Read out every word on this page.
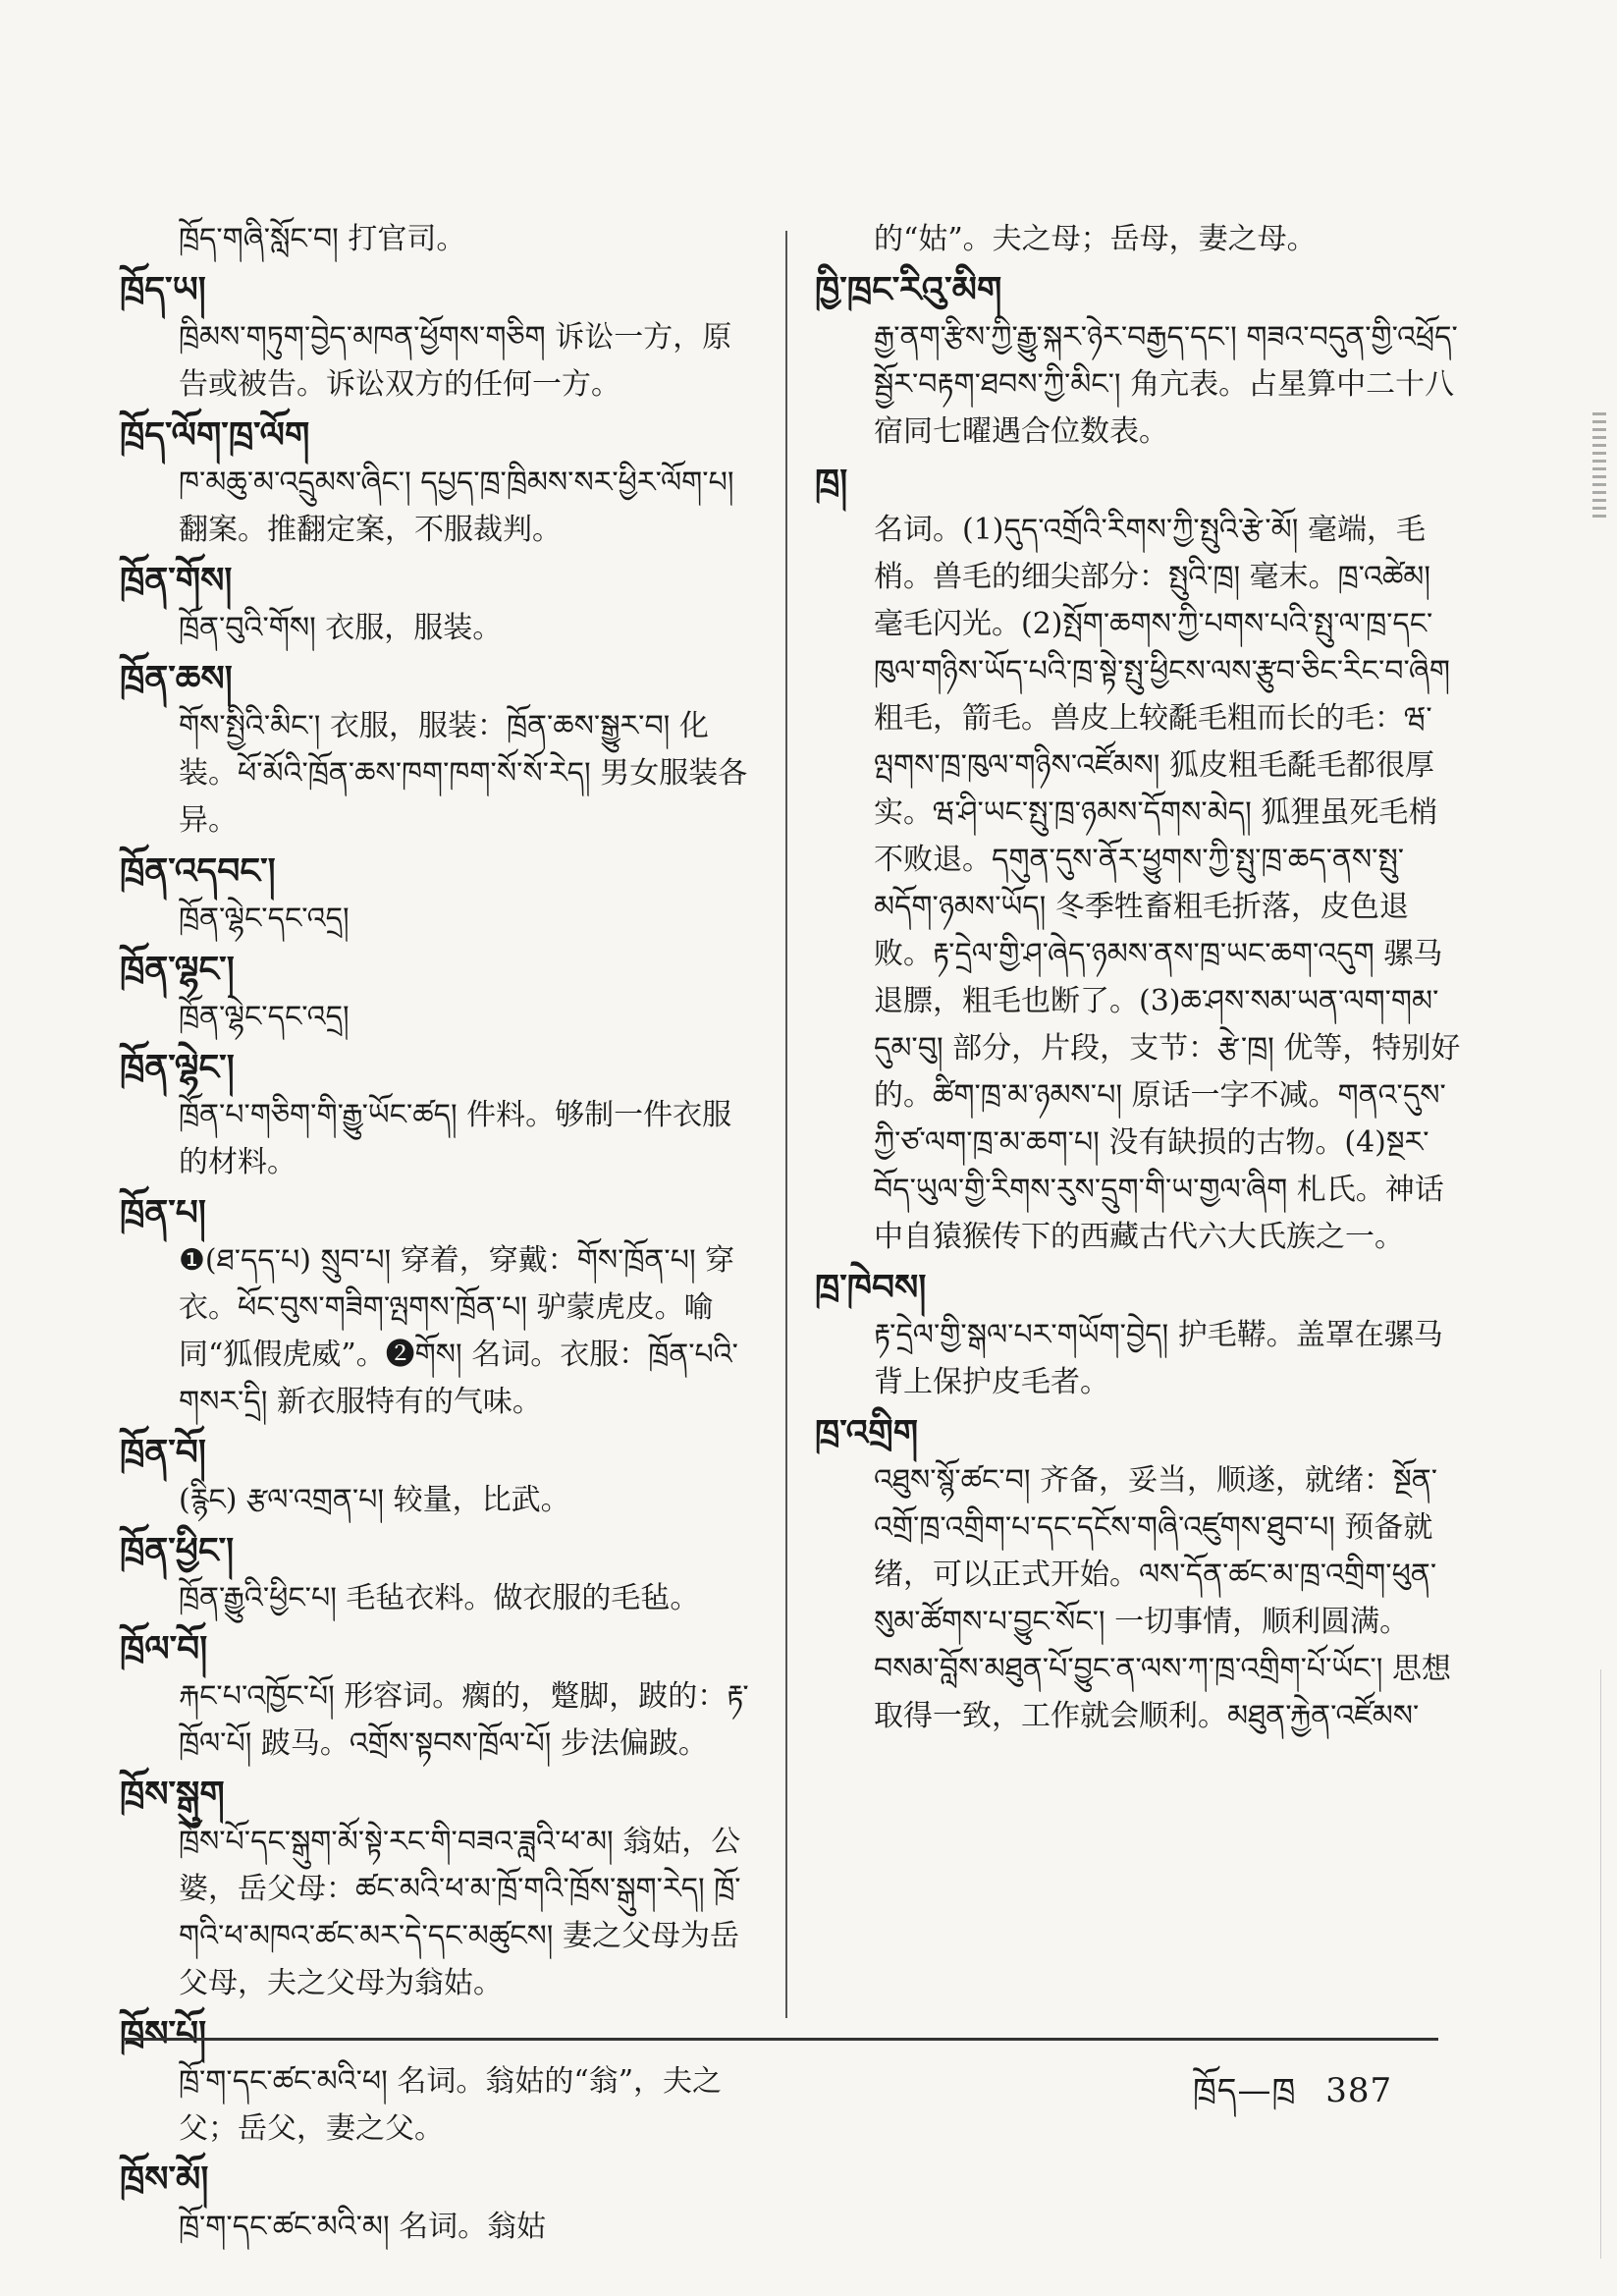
ཁྲོད་གཞི་སློང་བ། 打官司。
ཁྲོད་ཡ།
ཁྲིམས་གཏུག་བྱེད་མཁན་ཕྱོགས་གཅིག 诉讼一方，原告或被告。诉讼双方的任何一方。
ཁྲོད་ལོག་ཁྲ་ལོག
ཁ་མཆུ་མ་འདྲུམས་ཞིང་། དཔྱད་ཁྲ་ཁྲིམས་སར་ཕྱིར་ལོག་པ། 翻案。推翻定案，不服裁判。
ཁྲོན་གོས།
ཁྲོན་བུའི་གོས། 衣服，服装。
ཁྲོན་ཆས།
གོས་སྤྱིའི་མིང་། 衣服，服装：ཁྲོན་ཆས་སྒྱུར་བ། 化装。ཕོ་མོའི་ཁྲོན་ཆས་ཁག་ཁག་སོ་སོ་རེད། 男女服装各异。
ཁྲོན་འདབང་།
ཁྲོན་ལྷེང་དང་འདྲ།
ཁྲོན་ལྷང་།
ཁྲོན་ལྷེང་དང་འདྲ།
ཁྲོན་ལྷེང་།
ཁྲོན་པ་གཅིག་གི་རྒྱུ་ཡོང་ཚད། 件料。够制一件衣服的材料。
ཁྲོན་པ།
❶(ཐ་དད་པ) སྲུབ་པ། 穿着，穿戴：གོས་ཁྲོན་པ། 穿衣。ཕོང་བུས་གཟིག་ལྤགས་ཁྲོན་པ། 驴蒙虎皮。喻同“狐假虎威”。❷གོས། 名词。衣服：ཁྲོན་པའི་གསར་དྲི། 新衣服特有的气味。
ཁྲོན་བོ།
(རྙིང) རྩལ་འགྲན་པ། 较量，比武。
ཁྲོན་ཕྱིང་།
ཁྲོན་རྒྱུའི་ཕྱིང་པ། 毛毡衣料。做衣服的毛毡。
ཁྲོལ་བོ།
རྐང་པ་འཁྱོང་པོ། 形容词。瘸的，蹩脚，跛的：རྟ་ཁྲོལ་པོ། 跛马。འགྲོས་སྟབས་ཁྲོལ་པོ། 步法偏跛。
ཁྲོས་སྒུག
ཁྲོས་པོ་དང་སྒུག་མོ་སྟེ་རང་གི་བཟའ་ཟླའི་ཕ་མ། 翁姑，公婆，岳父母：ཚང་མའི་ཕ་མ་ཁྲོ་གའི་ཁྲོས་སྒུག་རེད། ཁྲོ་གའི་ཕ་མཁའ་ཚང་མར་དེ་དང་མཚུངས། 妻之父母为岳父母，夫之父母为翁姑。
ཁྲོས་པོ།
ཁྲོ་ག་དང་ཚང་མའི་ཕ། 名词。翁姑的“翁”，夫之父；岳父，妻之父。
ཁྲོས་མོ།
ཁྲོ་ག་དང་ཚང་མའི་མ། 名词。翁姑
的“姑”。夫之母；岳母，妻之母。
ཁྱི་ཁྲང་རིའུ་མིག
རྒྱ་ནག་རྩིས་ཀྱི་རྒྱུ་སྐར་ཉེར་བརྒྱད་དང་། གཟའ་བདུན་གྱི་འཕྲོད་སྦྱོར་བརྟག་ཐབས་ཀྱི་མིང་། 角亢表。占星算中二十八宿同七曜遇合位数表。
ཁྲ།
名词。(1)དུད་འགྲོའི་རིགས་ཀྱི་སྤུའི་རྩེ་མོ། 毫端，毛梢。兽毛的细尖部分：སྤུའི་ཁྲ། 毫末。ཁྲ་འཚེམ། 毫毛闪光。(2)སྤོག་ཆགས་ཀྱི་པགས་པའི་སྤུ་ལ་ཁྲ་དང་ཁུལ་གཉིས་ཡོད་པའི་ཁྲ་སྟེ་སྤུ་ཕྱིངས་ལས་རྩུབ་ཅིང་རིང་བ་ཞིག 粗毛，箭毛。兽皮上较氄毛粗而长的毛：ཝ་ལྤགས་ཁྲ་ཁུལ་གཉིས་འཛོམས། 狐皮粗毛氄毛都很厚实。ཝ་ཤི་ཡང་སྤུ་ཁྲ་ཉམས་དོགས་མེད། 狐狸虽死毛梢不败退。དགུན་དུས་ནོར་ཕྱུགས་ཀྱི་སྤུ་ཁྲ་ཆད་ནས་སྤུ་མདོག་ཉམས་ཡོད། 冬季牲畜粗毛折落，皮色退败。རྟ་དྲེལ་གྱི་ཤ་ཞེད་ཉམས་ནས་ཁྲ་ཡང་ཆག་འདུག 骡马退膘，粗毛也断了。(3)ཆ་ཤས་སམ་ཡན་ལག་གམ་དུམ་བུ། 部分，片段，支节：རྩེ་ཁྲ། 优等，特别好的。ཚིག་ཁྲ་མ་ཉམས་པ། 原话一字不减。གནའ་དུས་ཀྱི་ཙ་ལག་ཁྲ་མ་ཆག་པ། 没有缺损的古物。(4)སྔར་བོད་ཡུལ་གྱི་རིགས་རུས་དྲུག་གི་ཡ་གྱལ་ཞིག 札氏。神话中自猿猴传下的西藏古代六大氏族之一。
ཁྲ་ཁེབས།
རྟ་དྲེལ་གྱི་སྒལ་པར་གཡོག་བྱེད། 护毛鞯。盖罩在骡马背上保护皮毛者。
ཁྲ་འགྲིག
འཐུས་སྙོ་ཚང་བ། 齐备，妥当，顺遂，就绪：སྔོན་འགྲོ་ཁྲ་འགྲིག་པ་དང་དངོས་གཞི་འཛུགས་ཐུབ་པ། 预备就绪，可以正式开始。ལས་དོན་ཚང་མ་ཁྲ་འགྲིག་ཕུན་སུམ་ཚོགས་པ་བྱུང་སོང་། 一切事情，顺利圆满。བསམ་བློས་མཐུན་པོ་བྱུང་ན་ལས་ཀ་ཁྲ་འགྲིག་པོ་ཡོང་། 思想取得一致，工作就会顺利。མཐུན་རྐྱེན་འཛོམས་
ཁྲོད—ཁྲ 387
